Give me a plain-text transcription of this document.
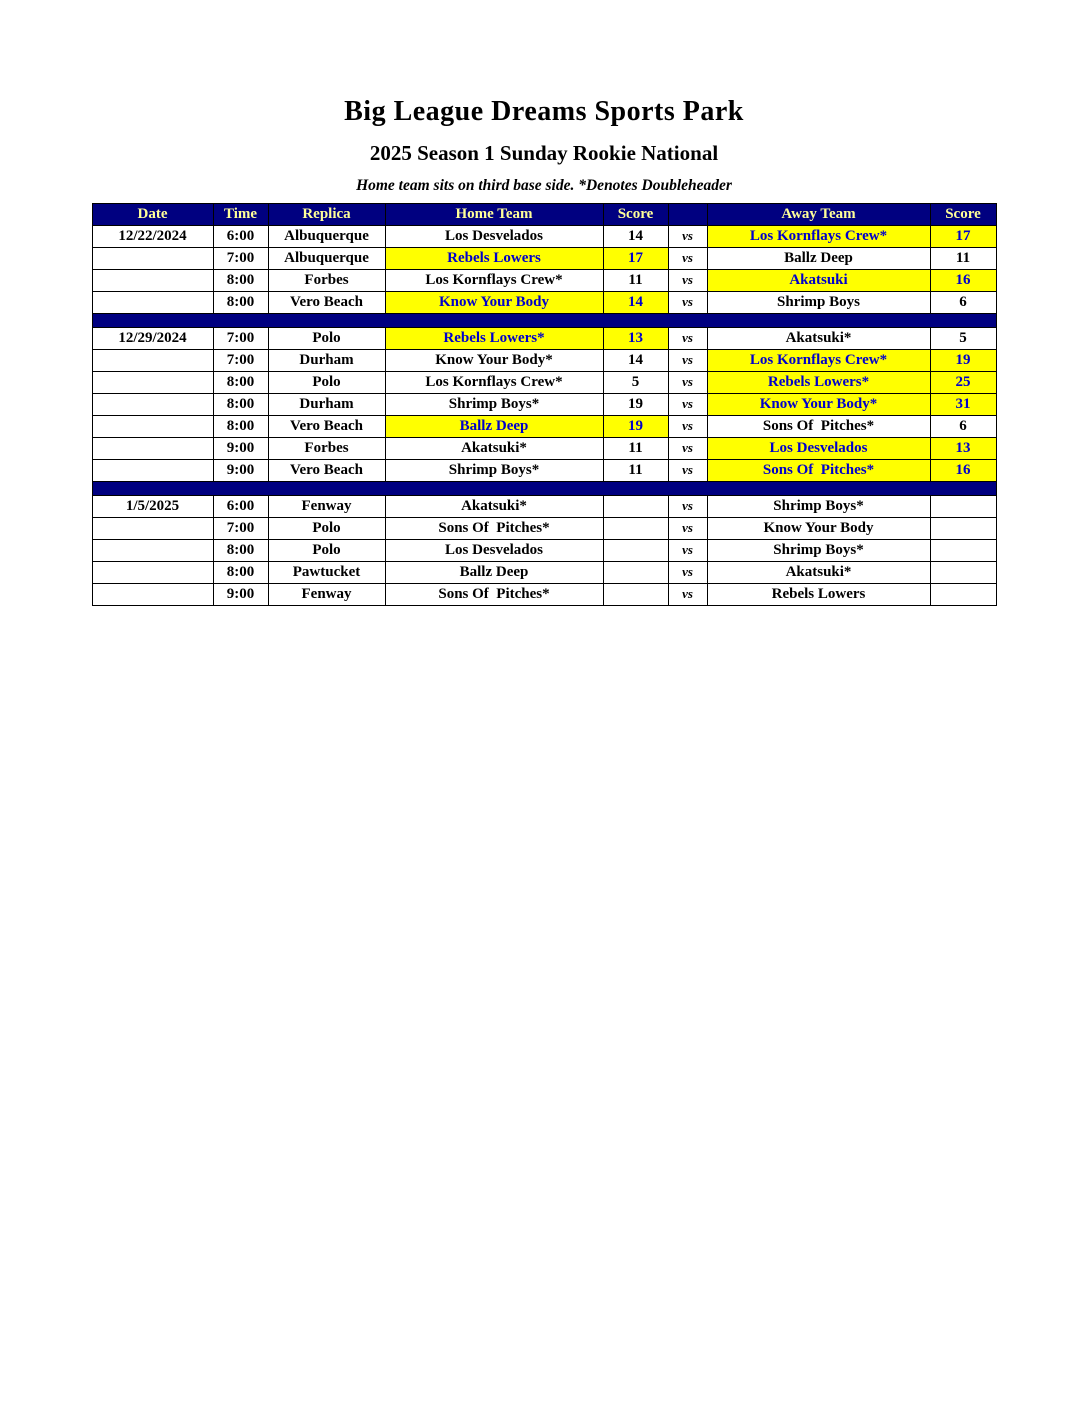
Big League Dreams Sports Park
2025 Season 1 Sunday Rookie National
Home team sits on third base side. *Denotes Doubleheader
Date	Time	Replica	Home Team	Score		Away Team	Score
12/22/2024	6:00	Albuquerque	Los Desvelados	14	vs	Los Kornflays Crew*	17
	7:00	Albuquerque	Rebels Lowers	17	vs	Ballz Deep	11
	8:00	Forbes	Los Kornflays Crew*	11	vs	Akatsuki	16
	8:00	Vero Beach	Know Your Body	14	vs	Shrimp Boys	6

12/29/2024	7:00	Polo	Rebels Lowers*	13	vs	Akatsuki*	5
	7:00	Durham	Know Your Body*	14	vs	Los Kornflays Crew*	19
	8:00	Polo	Los Kornflays Crew*	5	vs	Rebels Lowers*	25
	8:00	Durham	Shrimp Boys*	19	vs	Know Your Body*	31
	8:00	Vero Beach	Ballz Deep	19	vs	Sons Of  Pitches*	6
	9:00	Forbes	Akatsuki*	11	vs	Los Desvelados	13
	9:00	Vero Beach	Shrimp Boys*	11	vs	Sons Of  Pitches*	16

1/5/2025	6:00	Fenway	Akatsuki*		vs	Shrimp Boys*	
	7:00	Polo	Sons Of  Pitches*		vs	Know Your Body	
	8:00	Polo	Los Desvelados		vs	Shrimp Boys*	
	8:00	Pawtucket	Ballz Deep		vs	Akatsuki*	
	9:00	Fenway	Sons Of  Pitches*		vs	Rebels Lowers	
